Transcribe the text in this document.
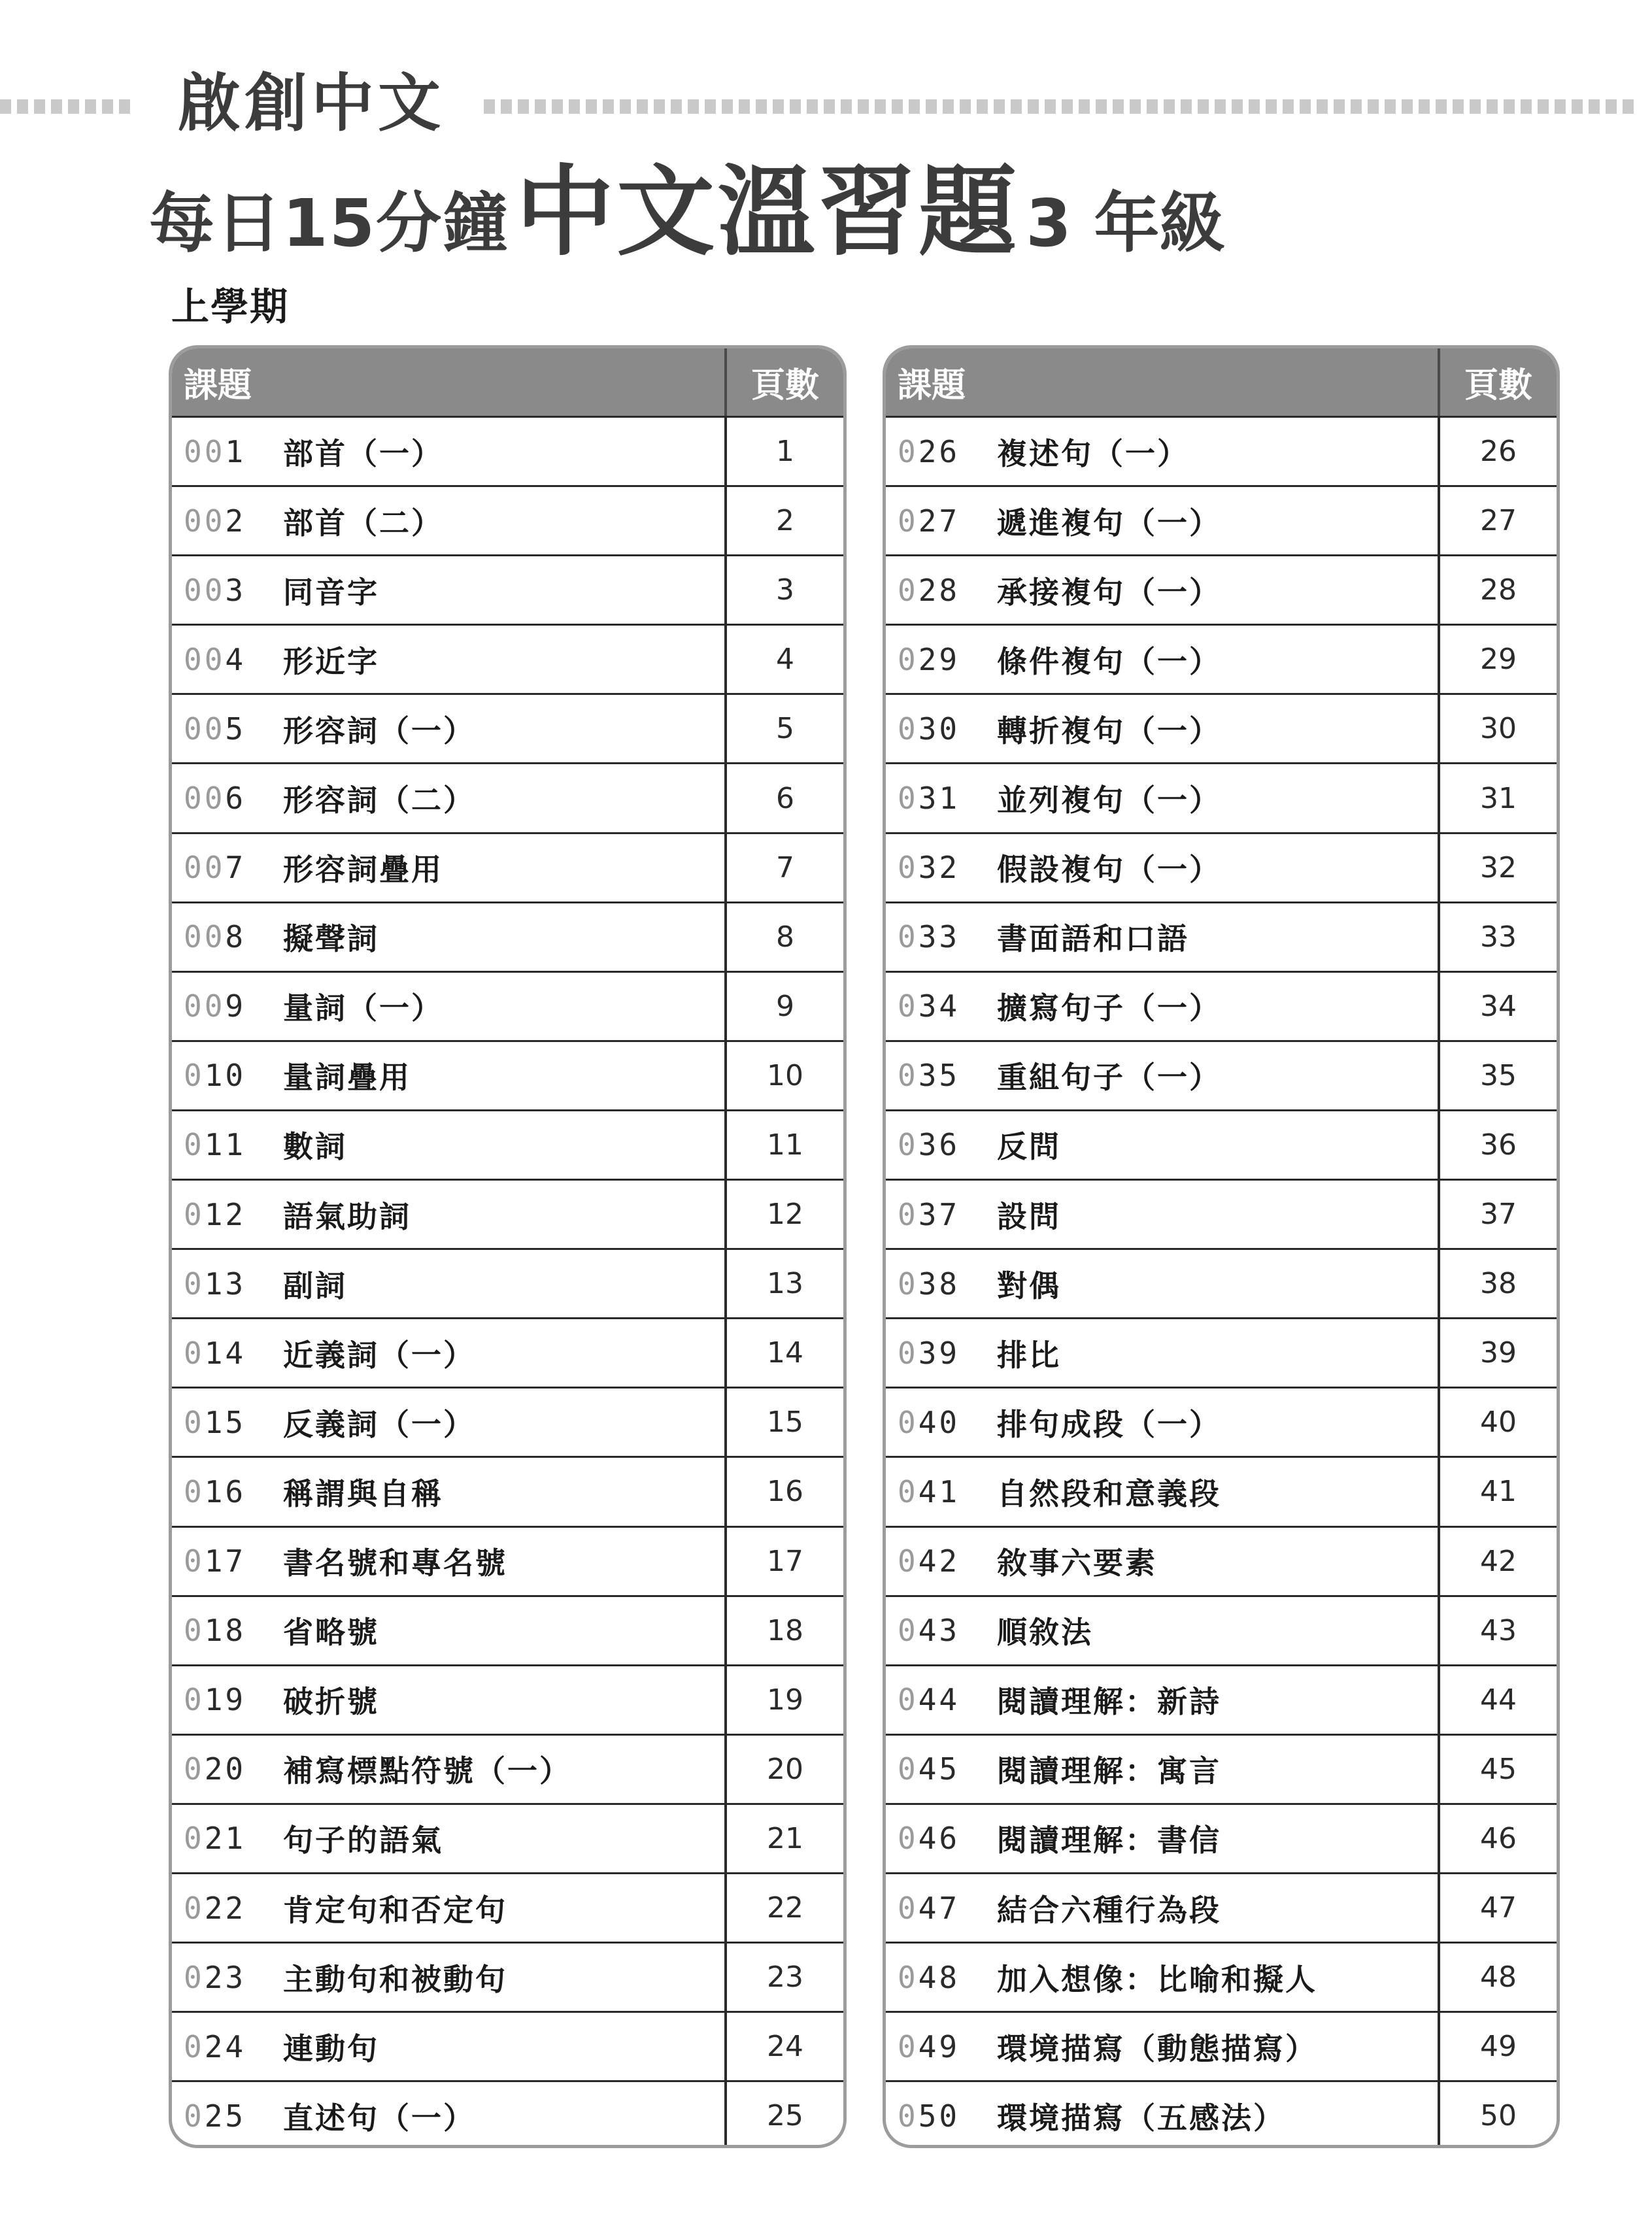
啟創中文
每日15分鐘中文溫習題 3 年級
上學期
課題	頁數
001	部首（一）	1
002	部首（二）	2
003	同音字	3
004	形近字	4
005	形容詞（一）	5
006	形容詞（二）	6
007	形容詞疊用	7
008	擬聲詞	8
009	量詞（一）	9
010	量詞疊用	10
011	數詞	11
012	語氣助詞	12
013	副詞	13
014	近義詞（一）	14
015	反義詞（一）	15
016	稱謂與自稱	16
017	書名號和專名號	17
018	省略號	18
019	破折號	19
020	補寫標點符號（一）	20
021	句子的語氣	21
022	肯定句和否定句	22
023	主動句和被動句	23
024	連動句	24
025	直述句（一）	25
課題	頁數
026	複述句（一）	26
027	遞進複句（一）	27
028	承接複句（一）	28
029	條件複句（一）	29
030	轉折複句（一）	30
031	並列複句（一）	31
032	假設複句（一）	32
033	書面語和口語	33
034	擴寫句子（一）	34
035	重組句子（一）	35
036	反問	36
037	設問	37
038	對偶	38
039	排比	39
040	排句成段（一）	40
041	自然段和意義段	41
042	敘事六要素	42
043	順敘法	43
044	閱讀理解：新詩	44
045	閱讀理解：寓言	45
046	閱讀理解：書信	46
047	結合六種行為段	47
048	加入想像：比喻和擬人	48
049	環境描寫（動態描寫）	49
050	環境描寫（五感法）	50
